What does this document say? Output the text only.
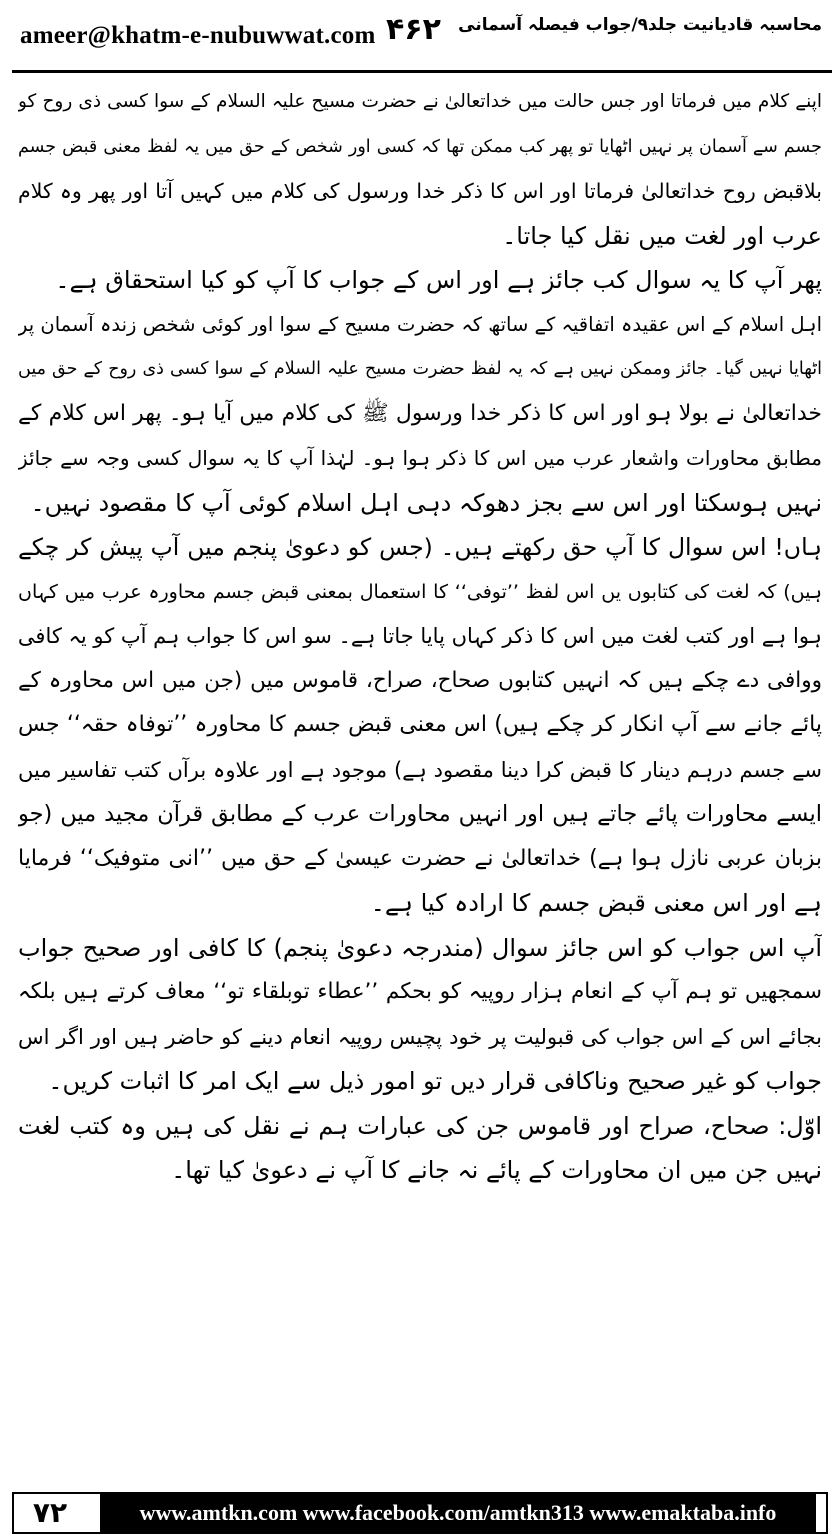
ameer@khatm-e-nubuwwat.com ۴۶۲ محاسبہ قادیانیت جلد۹/جواب فیصلہ آسمانی
اپنے کلام میں فرماتا اور جس حالت میں خداتعالیٰ نے حضرت مسیح علیہ السلام کے سوا کسی ذی روح کو
جسم سے آسمان پر نہیں اٹھایا تو پھر کب ممکن تھا کہ کسی اور شخص کے حق میں یہ لفظ معنی قبض جسم
بلاقبض روح خداتعالیٰ فرماتا اور اس کا ذکر خدا ورسول کی کلام میں کہیں آتا اور پھر وہ کلام
عرب اور لغت میں نقل کیا جاتا۔
پھر آپ کا یہ سوال کب جائز ہے اور اس کے جواب کا آپ کو کیا استحقاق ہے۔
اہل اسلام کے اس عقیدہ اتفاقیہ کے ساتھ کہ حضرت مسیح کے سوا اور کوئی شخص زندہ آسمان پر
اٹھایا نہیں گیا۔ جائز وممکن نہیں ہے کہ یہ لفظ حضرت مسیح علیہ السلام کے سوا کسی ذی روح کے حق میں
خداتعالیٰ نے بولا ہو اور اس کا ذکر خدا ورسول ﷺ کی کلام میں آیا ہو۔ پھر اس کلام کے
مطابق محاورات واشعار عرب میں اس کا ذکر ہوا ہو۔ لہٰذا آپ کا یہ سوال کسی وجہ سے جائز
نہیں ہوسکتا اور اس سے بجز دھوکہ دہی اہل اسلام کوئی آپ کا مقصود نہیں۔
ہاں! اس سوال کا آپ حق رکھتے ہیں۔ (جس کو دعویٰ پنجم میں آپ پیش کر چکے
ہیں) کہ لغت کی کتابوں یں اس لفظ ’’توفی‘‘ کا استعمال بمعنی قبض جسم محاورہ عرب میں کہاں
ہوا ہے اور کتب لغت میں اس کا ذکر کہاں پایا جاتا ہے۔ سو اس کا جواب ہم آپ کو یہ کافی
ووافی دے چکے ہیں کہ انہیں کتابوں صحاح، صراح، قاموس میں (جن میں اس محاورہ کے
پائے جانے سے آپ انکار کر چکے ہیں) اس معنی قبض جسم کا محاورہ ’’توفاہ حقہ‘‘ جس
سے جسم درہم دینار کا قبض کرا دینا مقصود ہے) موجود ہے اور علاوہ برآں کتب تفاسیر میں
ایسے محاورات پائے جاتے ہیں اور انہیں محاورات عرب کے مطابق قرآن مجید میں (جو
بزبان عربی نازل ہوا ہے) خداتعالیٰ نے حضرت عیسیٰ کے حق میں ’’انی متوفیک‘‘ فرمایا
ہے اور اس معنی قبض جسم کا ارادہ کیا ہے۔
آپ اس جواب کو اس جائز سوال (مندرجہ دعویٰ پنجم) کا کافی اور صحیح جواب
سمجھیں تو ہم آپ کے انعام ہزار روپیہ کو بحکم ’’عطاء توبلقاء تو‘‘ معاف کرتے ہیں بلکہ
بجائے اس کے اس جواب کی قبولیت پر خود پچیس روپیہ انعام دینے کو حاضر ہیں اور اگر اس
جواب کو غیر صحیح وناکافی قرار دیں تو امور ذیل سے ایک امر کا اثبات کریں۔
اوّل: صحاح، صراح اور قاموس جن کی عبارات ہم نے نقل کی ہیں وہ کتب لغت
نہیں جن میں ان محاورات کے پائے نہ جانے کا آپ نے دعویٰ کیا تھا۔
۷۲	www.amtkn.com www.facebook.com/amtkn313 www.emaktaba.info
